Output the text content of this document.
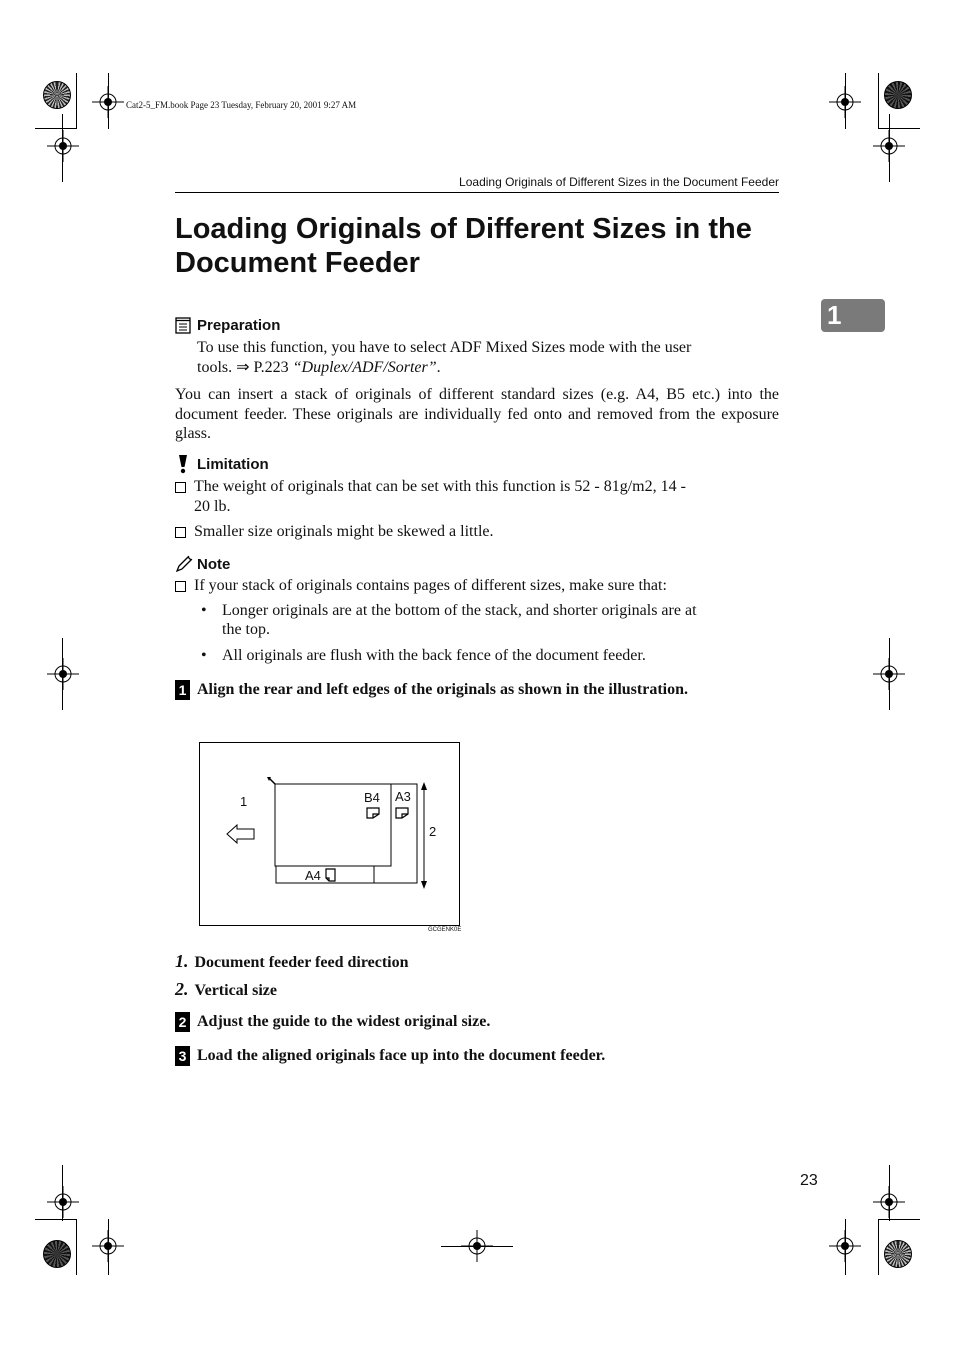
Cat2-5_FM.book Page 23 Tuesday, February 20, 2001 9:27 AM
Loading Originals of Different Sizes in the Document Feeder
Loading Originals of Different Sizes in the
Document Feeder
1
Preparation
To use this function, you have to select ADF Mixed Sizes mode with the user
tools. ⇒ P.223 “Duplex/ADF/Sorter”.
You can insert a stack of originals of different standard sizes (e.g. A4, B5 etc.) into the document feeder. These originals are individually fed onto and removed from the exposure glass.
Limitation
The weight of originals that can be set with this function is 52 - 81g/m2, 14 -
20 lb.
Smaller size originals might be skewed a little.
Note
If your stack of originals contains pages of different sizes, make sure that:
• Longer originals are at the bottom of the stack, and shorter originals are at
the top.
• All originals are flush with the back fence of the document feeder.
1 Align the rear and left edges of the originals as shown in the illustration.
1
2
B4 A3
A4
GCGENK0E
1. Document feeder feed direction
2. Vertical size
2 Adjust the guide to the widest original size.
3 Load the aligned originals face up into the document feeder.
23
